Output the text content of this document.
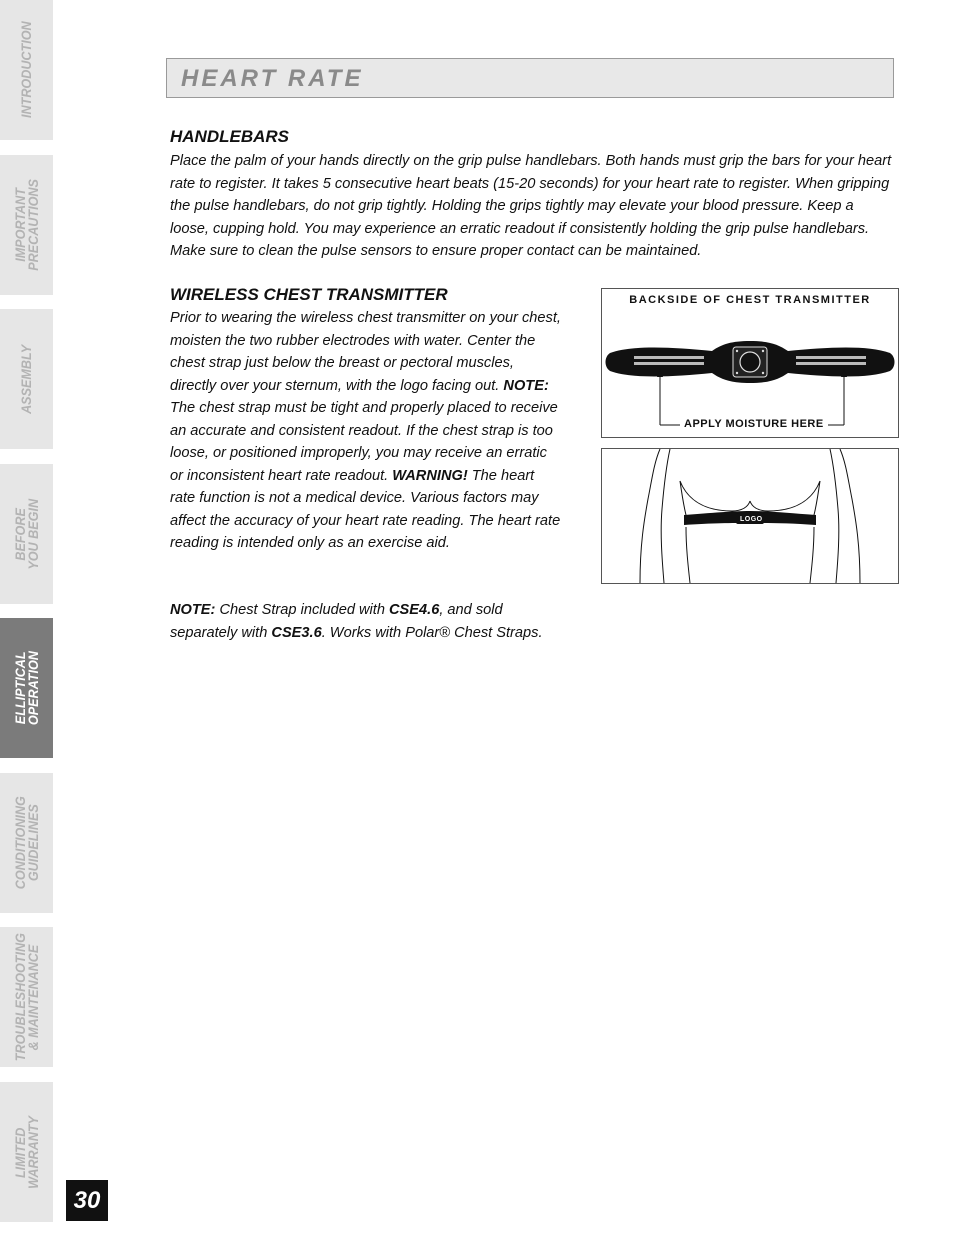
INTRODUCTION
IMPORTANT
PRECAUTIONS
ASSEMBLY
BEFORE
YOU BEGIN
ELLIPTICAL
OPERATION
CONDITIONING
GUIDELINES
TROUBLESHOOTING
& MAINTENANCE
LIMITED
WARRANTY
HEART RATE
HANDLEBARS

Place the palm of your hands directly on the grip pulse handlebars. Both hands must grip the bars for your heart rate to register. It takes 5 consecutive heart beats (15-20 seconds) for your heart rate to register. When gripping the pulse handlebars, do not grip tightly. Holding the grips tightly may elevate your blood pressure. Keep a loose, cupping hold. You may experience an erratic readout if consistently holding the grip pulse handlebars. Make sure to clean the pulse sensors to ensure proper contact can be maintained.

WIRELESS CHEST TRANSMITTER

Prior to wearing the wireless chest transmitter on your chest, moisten the two rubber electrodes with water. Center the chest strap just below the breast or pectoral muscles, directly over your sternum, with the logo facing out. NOTE: The chest strap must be tight and properly placed to receive an accurate and consistent readout. If the chest strap is too loose, or positioned improperly, you may receive an erratic or inconsistent heart rate readout. WARNING! The heart rate function is not a medical device. Various factors may affect the accuracy of your heart rate reading. The heart rate reading is intended only as an exercise aid.

NOTE: Chest Strap included with CSE4.6, and sold separately with CSE3.6. Works with Polar® Chest Straps.

BACKSIDE OF CHEST TRANSMITTER
APPLY MOISTURE HERE
LOGO
30
